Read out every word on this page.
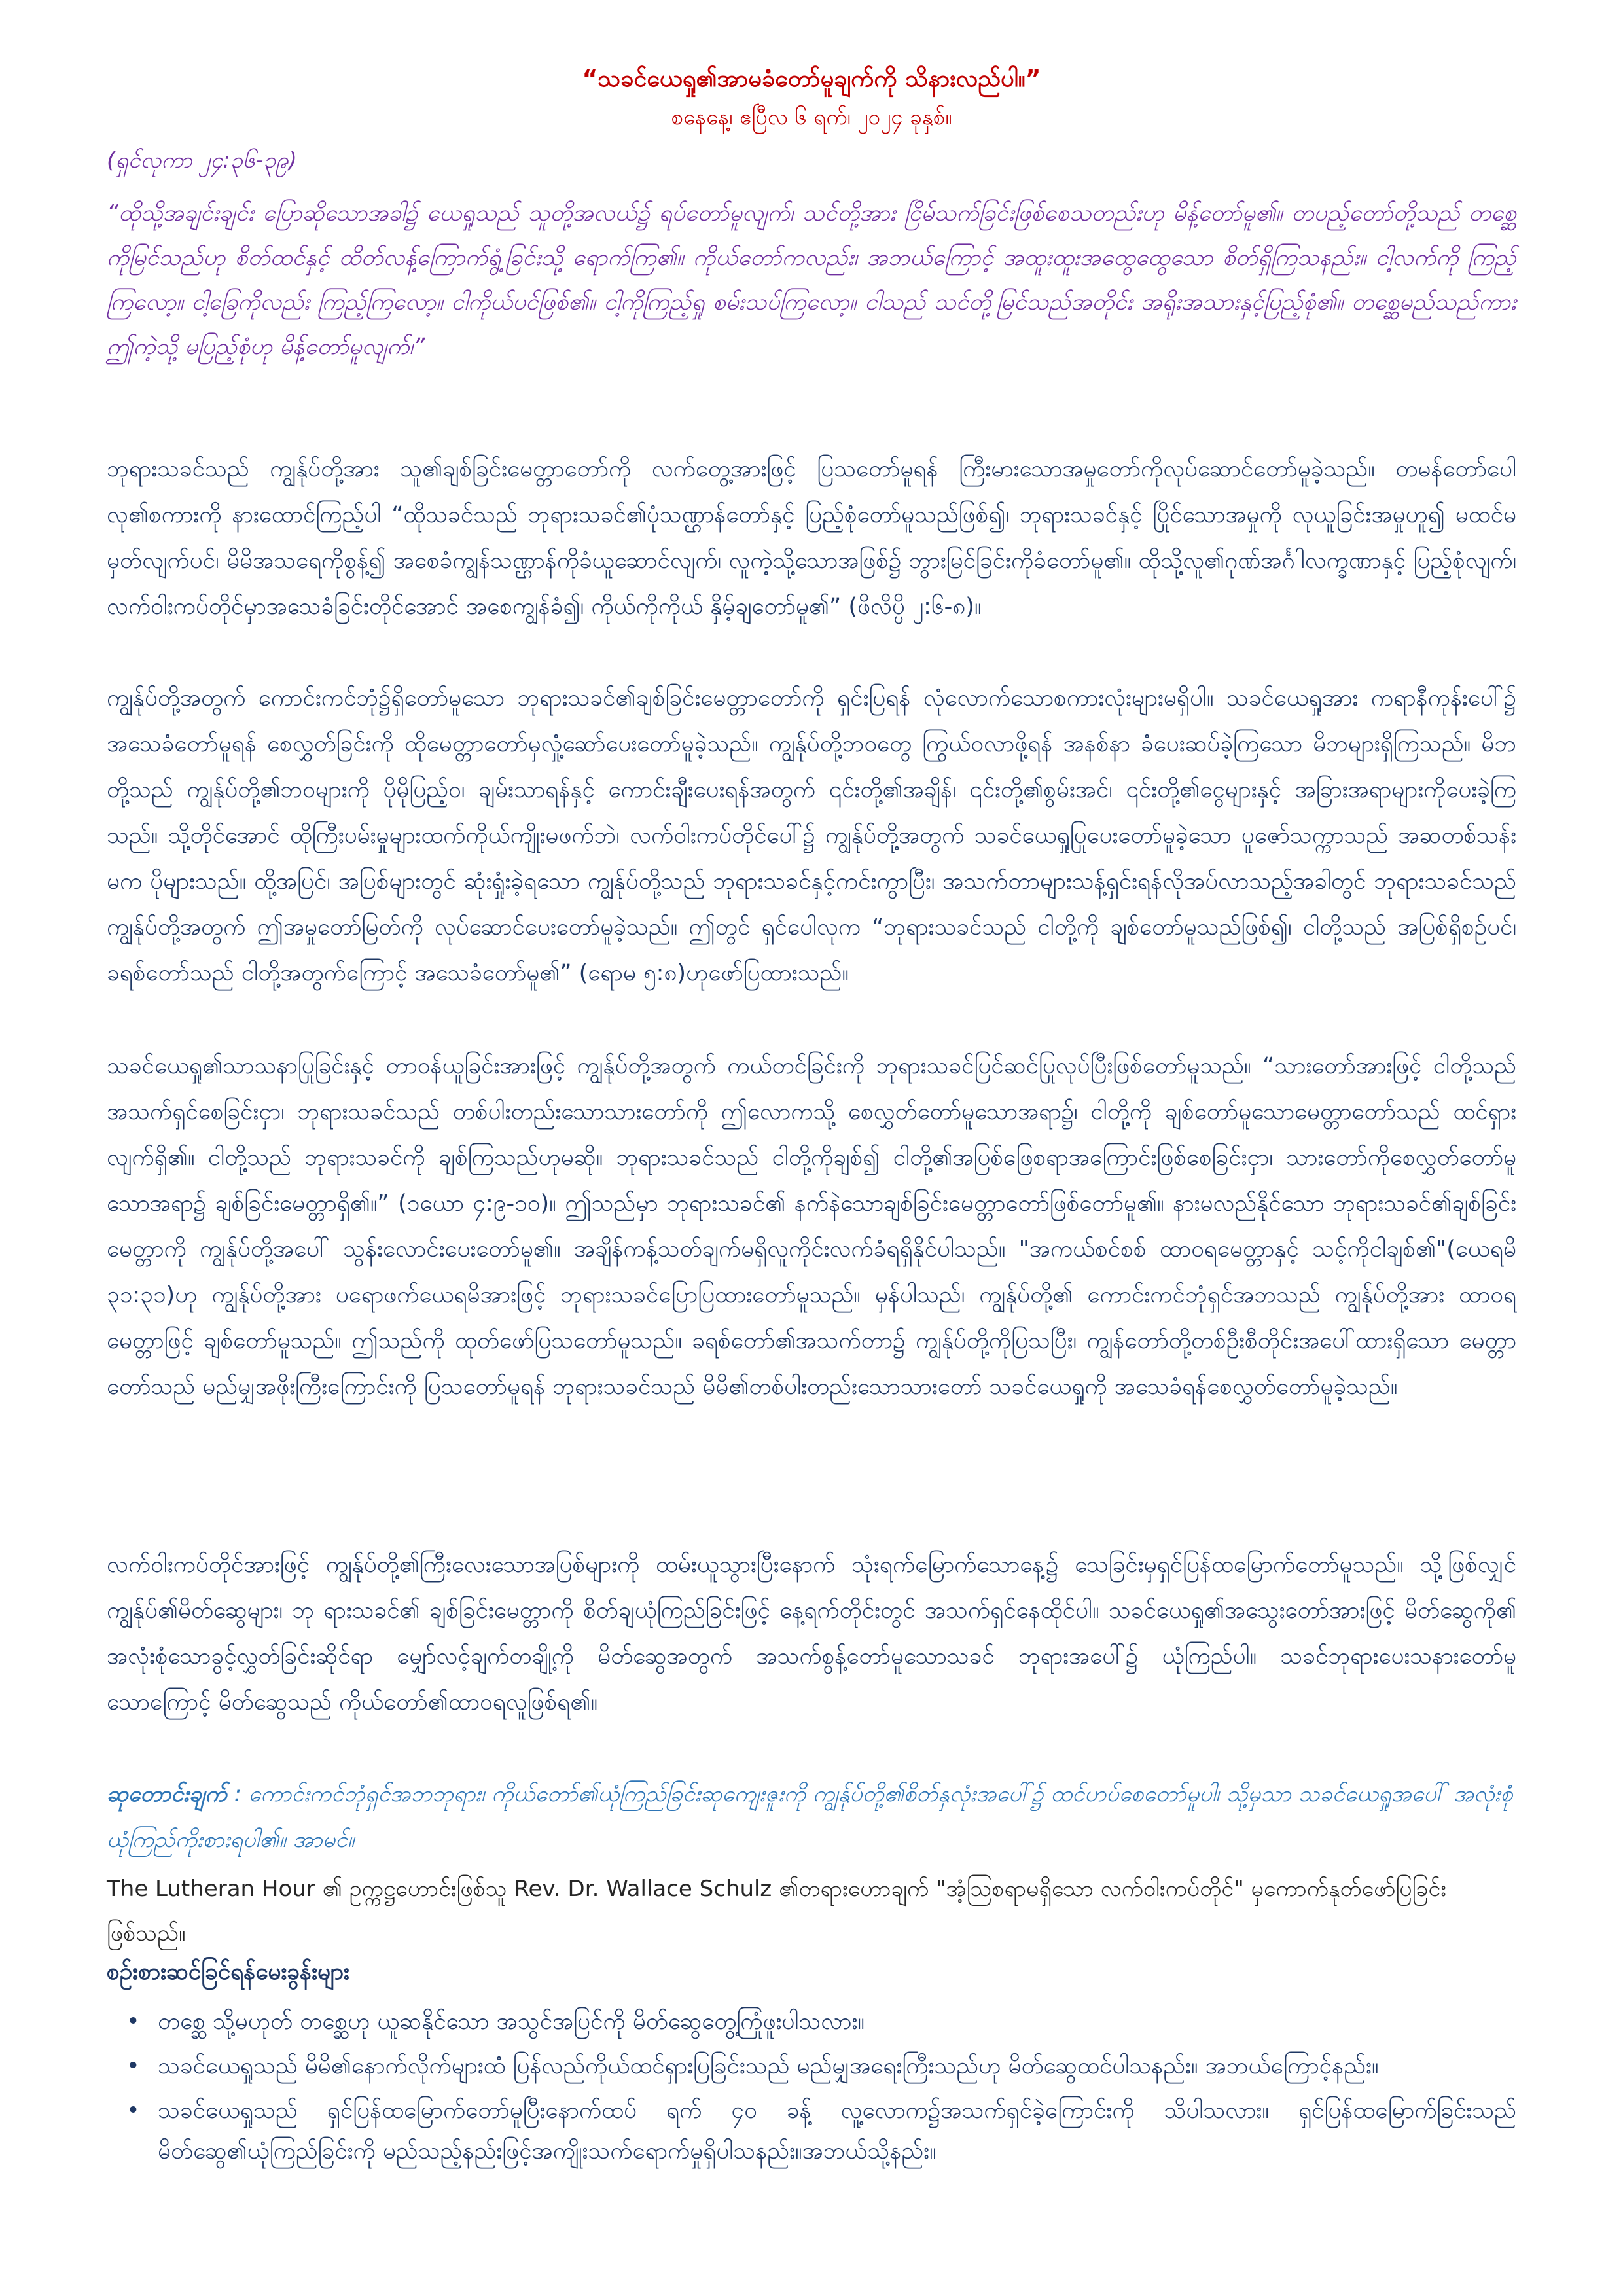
“သခင်ယေရှု၏အာမခံတော်မူချက်ကို သိနားလည်ပါ။”
စနေနေ့၊ ဧပြီလ ၆ ရက်၊ ၂၀၂၄ ခုနှစ်။
(ရှင်လုကာ ၂၄:၃၆-၃၉)
“ထိုသို့အချင်းချင်း ပြောဆိုသောအခါ၌ ယေရှုသည် သူတို့အလယ်၌ ရပ်တော်မူလျက်၊ သင်တို့အား ငြိမ်သက်ခြင်းဖြစ်စေသတည်းဟု မိန့်တော်မူ၏။ တပည့်တော်တို့သည် တစ္ဆေကိုမြင်သည်ဟု စိတ်ထင်နှင့် ထိတ်လန့်ကြောက်ရွံ့ခြင်းသို့ ရောက်ကြ၏။ ကိုယ်တော်ကလည်း၊ အဘယ်ကြောင့် အထူးထူးအထွေထွေသော စိတ်ရှိကြသနည်း။ ငါ့လက်ကို ကြည့်ကြလော့။ ငါ့ခြေကိုလည်း ကြည့်ကြလော့။ ငါကိုယ်ပင်ဖြစ်၏။ ငါ့ကိုကြည့်ရှု စမ်းသပ်ကြလော့။ ငါသည် သင်တို့မြင်သည်အတိုင်း အရိုးအသားနှင့်ပြည့်စုံ၏။ တစ္ဆေမည်သည်ကား ဤကဲ့သို့ မပြည့်စုံဟု မိန့်တော်မူလျက်၊”
ဘုရားသခင်သည် ကျွန်ုပ်တို့အား သူ၏ချစ်ခြင်းမေတ္တာတော်ကို လက်တွေ့အားဖြင့် ပြသတော်မူရန် ကြီးမားသောအမှုတော်ကိုလုပ်ဆောင်တော်မူခဲ့သည်။ တမန်တော်ပေါလု၏စကားကို နားထောင်ကြည့်ပါ “ထိုသခင်သည် ဘုရားသခင်၏ပုံသဏ္ဌာန်တော်နှင့် ပြည့်စုံတော်မူသည်ဖြစ်၍၊ ဘုရားသခင်နှင့် ပြိုင်သောအမှုကို လုယူခြင်းအမှုဟူ၍ မထင်မမှတ်လျက်ပင်၊ မိမိအသရေကိုစွန့်၍ အစေခံကျွန်သဏ္ဌာန်ကိုခံယူဆောင်လျက်၊ လူကဲ့သို့သောအဖြစ်၌ ဘွားမြင်ခြင်းကိုခံတော်မူ၏။ ထိုသို့လူ၏ဂုဏ်အင်္ဂါလက္ခဏာနှင့် ပြည့်စုံလျက်၊ လက်ဝါးကပ်တိုင်မှာအသေခံခြင်းတိုင်အောင် အစေကျွန်ခံ၍၊ ကိုယ်ကိုကိုယ် နှိမ့်ချတော်မူ၏” (ဖိလိပ္ပိ ၂:၆-၈)။
ကျွန်ုပ်တို့အတွက် ကောင်းကင်ဘုံ၌ရှိတော်မူသော ဘုရားသခင်၏ချစ်ခြင်းမေတ္တာတော်ကို ရှင်းပြရန် လုံလောက်သောစကားလုံးများမရှိပါ။ သခင်ယေရှုအား ကရာနီကုန်းပေါ်၌ အသေခံတော်မူရန် စေလွှတ်ခြင်းကို ထိုမေတ္တာတော်မှလှုံ့ဆော်ပေးတော်မူခဲ့သည်။ ကျွန်ုပ်တို့ဘဝတွေ ကြွယ်ဝလာဖို့ရန် အနစ်နာ ခံပေးဆပ်ခဲ့ကြသော မိဘများရှိကြသည်။ မိဘတို့သည် ကျွန်ုပ်တို့၏ဘဝများကို ပိုမိုပြည့်ဝ၊ ချမ်းသာရန်နှင့် ကောင်းချီးပေးရန်အတွက် ၎င်းတို့၏အချိန်၊ ၎င်းတို့၏စွမ်းအင်၊ ၎င်းတို့၏ငွေများနှင့် အခြားအရာများကိုပေးခဲ့ကြသည်။ သို့တိုင်အောင် ထိုကြီးပမ်းမှုများထက်ကိုယ်ကျိုးမဖက်ဘဲ၊ လက်ဝါးကပ်တိုင်ပေါ်၌ ကျွန်ုပ်တို့အတွက် သခင်ယေရှုပြုပေးတော်မူခဲ့သော ပူဇော်သက္ကာသည် အဆတစ်သန်းမက ပိုများသည်။ ထို့အပြင်၊ အပြစ်များတွင် ဆုံးရှုံးခဲ့ရသော ကျွန်ုပ်တို့သည် ဘုရားသခင်နှင့်ကင်းကွာပြီး၊ အသက်တာများသန့်ရှင်းရန်လိုအပ်လာသည့်အခါတွင် ဘုရားသခင်သည် ကျွန်ုပ်တို့အတွက် ဤအမှုတော်မြတ်ကို လုပ်ဆောင်ပေးတော်မူခဲ့သည်။ ဤတွင် ရှင်ပေါလုက “ဘုရားသခင်သည် ငါတို့ကို ချစ်တော်မူသည်ဖြစ်၍၊ ငါတို့သည် အပြစ်ရှိစဉ်ပင်၊ ခရစ်တော်သည် ငါတို့အတွက်ကြောင့် အသေခံတော်မူ၏” (ရောမ ၅:၈)ဟုဖော်ပြထားသည်။
သခင်ယေရှု၏သာသနာပြုခြင်းနှင့် တာဝန်ယူခြင်းအားဖြင့် ကျွန်ုပ်တို့အတွက် ကယ်တင်ခြင်းကို ဘုရားသခင်ပြင်ဆင်ပြုလုပ်ပြီးဖြစ်တော်မူသည်။ “သားတော်အားဖြင့် ငါတို့သည်အသက်ရှင်စေခြင်းငှာ၊ ဘုရားသခင်သည် တစ်ပါးတည်းသောသားတော်ကို ဤလောကသို့ စေလွှတ်တော်မူသောအရာ၌၊ ငါတို့ကို ချစ်တော်မူသောမေတ္တာတော်သည် ထင်ရှားလျက်ရှိ၏။ ငါတို့သည် ဘုရားသခင်ကို ချစ်ကြသည်ဟုမဆို။ ဘုရားသခင်သည် ငါတို့ကိုချစ်၍ ငါတို့၏အပြစ်ဖြေစရာအကြောင်းဖြစ်စေခြင်းငှာ၊ သားတော်ကိုစေလွှတ်တော်မူသောအရာ၌ ချစ်ခြင်းမေတ္တာရှိ၏။” (၁ယော ၄:၉-၁၀)။ ဤသည်မှာ ဘုရားသခင်၏ နက်နဲသောချစ်ခြင်းမေတ္တာတော်ဖြစ်တော်မူ၏။ နားမလည်နိုင်သော ဘုရားသခင်၏ချစ်ခြင်းမေတ္တာကို ကျွန်ုပ်တို့အပေါ် သွန်းလောင်းပေးတော်မူ၏။ အချိန်ကန့်သတ်ချက်မရှိလူကိုင်းလက်ခံရရှိနိုင်ပါသည်။ "အကယ်စင်စစ် ထာဝရမေတ္တာနှင့် သင့်ကိုငါချစ်၏"(ယေရမိ ၃၁:၃၁)ဟု ကျွန်ုပ်တို့အား ပရောဖက်ယေရမိအားဖြင့် ဘုရားသခင်ပြောပြထားတော်မူသည်။ မှန်ပါသည်၊ ကျွန်ုပ်တို့၏ ကောင်းကင်ဘုံရှင်အဘသည် ကျွန်ုပ်တို့အား ထာဝရမေတ္တာဖြင့် ချစ်တော်မူသည်။ ဤသည်ကို ထုတ်ဖော်ပြသတော်မူသည်။ ခရစ်တော်၏အသက်တာ၌ ကျွန်ုပ်တို့ကိုပြသပြီး၊ ကျွန်တော်တို့တစ်ဦးစီတိုင်းအပေါ်ထားရှိသော မေတ္တာတော်သည် မည်မျှအဖိုးကြီးကြောင်းကို ပြသတော်မူရန် ဘုရားသခင်သည် မိမိ၏တစ်ပါးတည်းသောသားတော် သခင်ယေရှုကို အသေခံရန်စေလွှတ်တော်မူခဲ့သည်။
လက်ဝါးကပ်တိုင်အားဖြင့် ကျွန်ုပ်တို့၏ကြီးလေးသောအပြစ်များကို ထမ်းယူသွားပြီးနောက် သုံးရက်မြောက်သောနေ့၌ သေခြင်းမှရှင်ပြန်ထမြောက်တော်မူသည်။ သို့ဖြစ်လျှင် ကျွန်ုပ်၏မိတ်ဆွေများ၊ ဘု ရားသခင်၏ ချစ်ခြင်းမေတ္တာကို စိတ်ချယုံကြည်ခြင်းဖြင့် နေ့ရက်တိုင်းတွင် အသက်ရှင်နေထိုင်ပါ။ သခင်ယေရှု၏အသွေးတော်အားဖြင့် မိတ်ဆွေကို၏ အလုံးစုံသောခွင့်လွှတ်ခြင်းဆိုင်ရာ မျှော်လင့်ချက်တချို့ကို မိတ်ဆွေအတွက် အသက်စွန့်တော်မူသောသခင် ဘုရားအပေါ်၌ ယုံကြည်ပါ။ သခင်ဘုရားပေးသနားတော်မူသောကြောင့် မိတ်ဆွေသည် ကိုယ်တော်၏ထာဝရလူဖြစ်ရ၏။
ဆုတောင်းချက် : ကောင်းကင်ဘုံရှင်အဘဘုရား၊ ကိုယ်တော်၏ယုံကြည်ခြင်းဆုကျေးဇူးကို ကျွန်ုပ်တို့၏စိတ်နှလုံးအပေါ်၌ ထင်ဟပ်စေတော်မူပါ၊ သို့မှသာ သခင်ယေရှုအပေါ် အလုံးစုံ ယုံကြည်ကိုးစားရပါ၏။ အာမင်။
The Lutheran Hour ၏ ဥက္ကဋ္ဌဟောင်းဖြစ်သူ Rev. Dr. Wallace Schulz ၏တရားဟောချက် "အံ့ဩစရာမရှိသော လက်ဝါးကပ်တိုင်" မှကောက်နုတ်ဖော်ပြခြင်းဖြစ်သည်။
စဉ်းစားဆင်ခြင်ရန်မေးခွန်းများ
• တစ္ဆေ သို့မဟုတ် တစ္ဆေဟု ယူဆနိုင်သော အသွင်အပြင်ကို မိတ်ဆွေတွေ့ကြုံဖူးပါသလား။
• သခင်ယေရှုသည် မိမိ၏နောက်လိုက်များထံ ပြန်လည်ကိုယ်ထင်ရှားပြခြင်းသည် မည်မျှအရေးကြီးသည်ဟု မိတ်ဆွေထင်ပါသနည်း။ အဘယ်ကြောင့်နည်း။
• သခင်ယေရှုသည် ရှင်ပြန်ထမြောက်တော်မူပြီးနောက်ထပ် ရက် ၄၀ ခန့် လူ့လောက၌အသက်ရှင်ခဲ့ကြောင်းကို သိပါသလား။ ရှင်ပြန်ထမြောက်ခြင်းသည် မိတ်ဆွေ၏ယုံကြည်ခြင်းကို မည်သည့်နည်းဖြင့်အကျိုးသက်ရောက်မှုရှိပါသနည်း။အဘယ်သို့နည်း။
